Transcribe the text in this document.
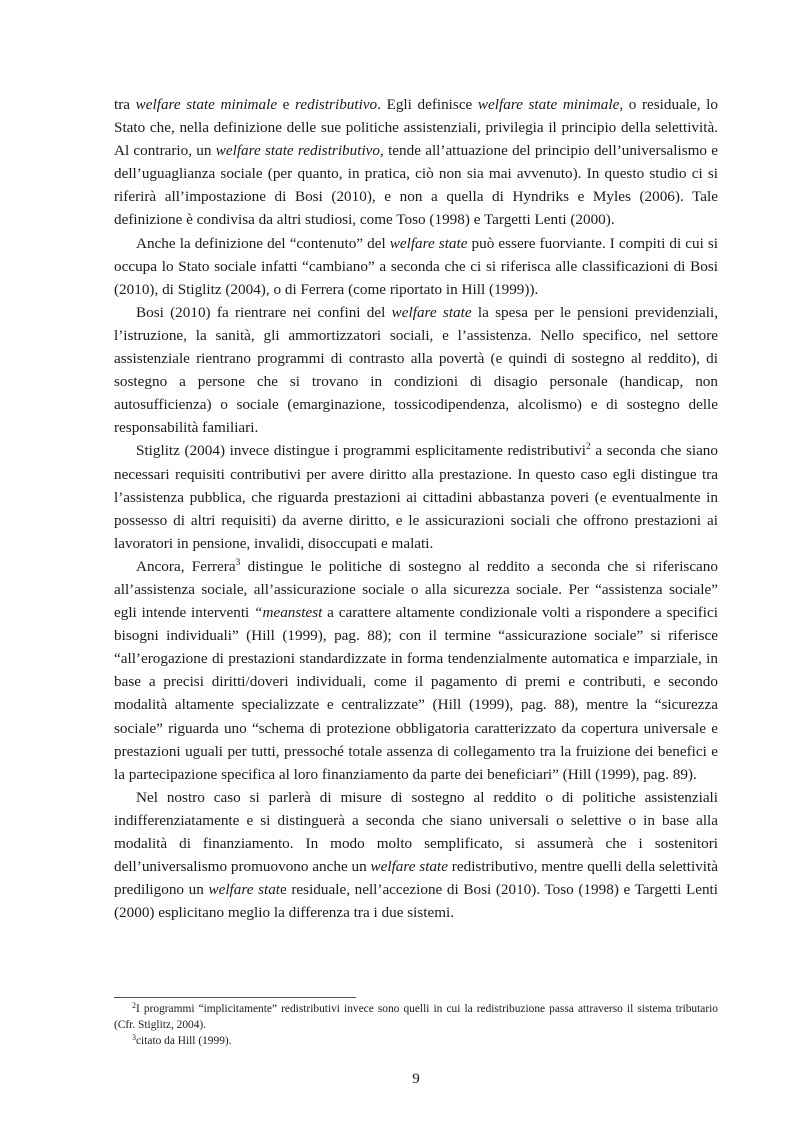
tra welfare state minimale e redistributivo. Egli definisce welfare state minimale, o residuale, lo Stato che, nella definizione delle sue politiche assistenziali, privilegia il principio della selettività. Al contrario, un welfare state redistributivo, tende all’attuazione del principio dell’universalismo e dell’uguaglianza sociale (per quanto, in pratica, ciò non sia mai avvenuto). In questo studio ci si riferirà all’impostazione di Bosi (2010), e non a quella di Hyndriks e Myles (2006). Tale definizione è condivisa da altri studiosi, come Toso (1998) e Targetti Lenti (2000).

Anche la definizione del “contenuto” del welfare state può essere fuorviante. I compiti di cui si occupa lo Stato sociale infatti “cambiano” a seconda che ci si riferisca alle classificazioni di Bosi (2010), di Stiglitz (2004), o di Ferrera (come riportato in Hill (1999)).

Bosi (2010) fa rientrare nei confini del welfare state la spesa per le pensioni previdenziali, l’istruzione, la sanità, gli ammortizzatori sociali, e l’assistenza. Nello specifico, nel settore assistenziale rientrano programmi di contrasto alla povertà (e quindi di sostegno al reddito), di sostegno a persone che si trovano in condizioni di disagio personale (handicap, non autosufficienza) o sociale (emarginazione, tossicodipendenza, alcolismo) e di sostegno delle responsabilità familiari.

Stiglitz (2004) invece distingue i programmi esplicitamente redistributivi$^2$ a seconda che siano necessari requisiti contributivi per avere diritto alla prestazione. In questo caso egli distingue tra l’assistenza pubblica, che riguarda prestazioni ai cittadini abbastanza poveri (e eventualmente in possesso di altri requisiti) da averne diritto, e le assicurazioni sociali che offrono prestazioni ai lavoratori in pensione, invalidi, disoccupati e malati.

Ancora, Ferrera$^3$ distingue le politiche di sostegno al reddito a seconda che si riferiscano all’assistenza sociale, all’assicurazione sociale o alla sicurezza sociale. Per “assistenza sociale” egli intende interventi “meanstest a carattere altamente condizionale volti a rispondere a specifici bisogni individuali” (Hill (1999), pag. 88); con il termine “assicurazione sociale” si riferisce “all’erogazione di prestazioni standardizzate in forma tendenzialmente automatica e imparziale, in base a precisi diritti/doveri individuali, come il pagamento di premi e contributi, e secondo modalità altamente specializzate e centralizzate” (Hill (1999), pag. 88), mentre la “sicurezza sociale” riguarda uno “schema di protezione obbligatoria caratterizzato da copertura universale e prestazioni uguali per tutti, pressoché totale assenza di collegamento tra la fruizione dei benefici e la partecipazione specifica al loro finanziamento da parte dei beneficiari” (Hill (1999), pag. 89).

Nel nostro caso si parlerà di misure di sostegno al reddito o di politiche assistenziali indifferenziatamente e si distinguerà a seconda che siano universali o selettive o in base alla modalità di finanziamento. In modo molto semplificato, si assumerà che i sostenitori dell’universalismo promuovono anche un welfare state redistributivo, mentre quelli della selettività prediligono un welfare state residuale, nell’accezione di Bosi (2010). Toso (1998) e Targetti Lenti (2000) esplicitano meglio la differenza tra i due sistemi.

$^2$I programmi “implicitamente” redistributivi invece sono quelli in cui la redistribuzione passa attraverso il sistema tributario (Cfr. Stiglitz, 2004).

$^3$citato da Hill (1999).

9
